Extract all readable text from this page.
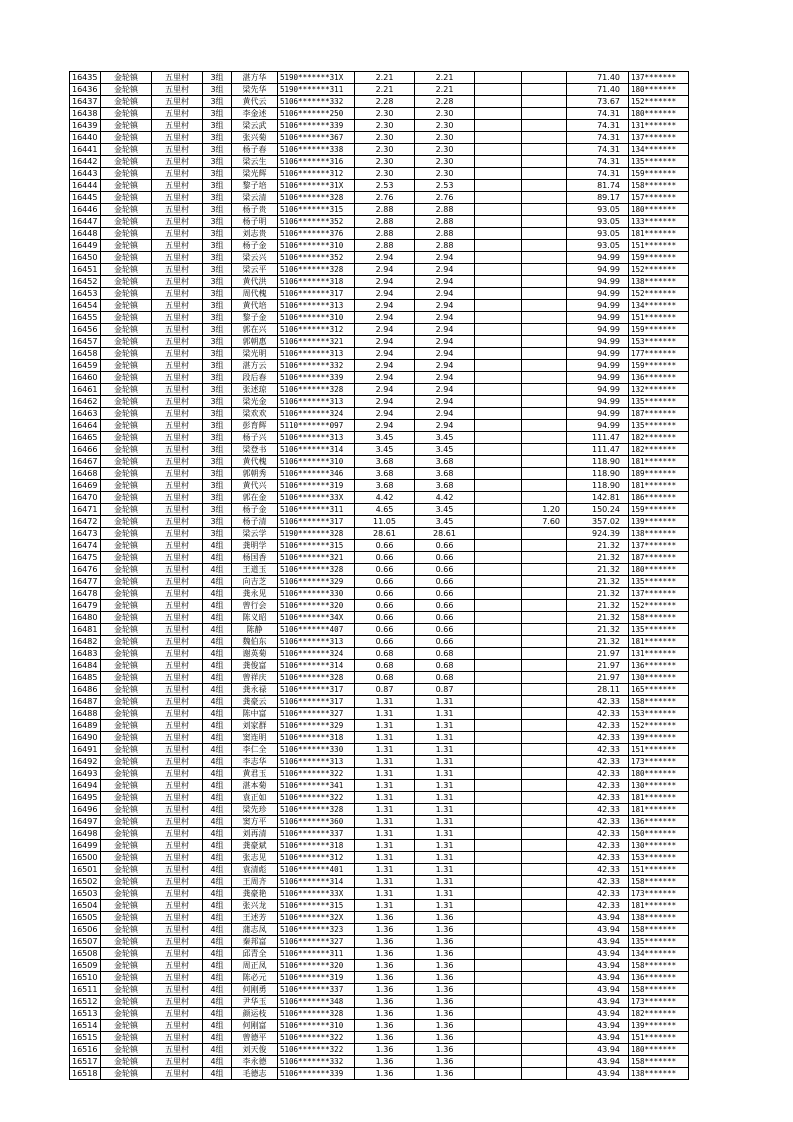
16435	金轮镇	五里村	3组	湛方华	5190*******31X	2.21	2.21			71.40	137*******
16436	金轮镇	五里村	3组	梁先华	5190*******311	2.21	2.21			71.40	180*******
16437	金轮镇	五里村	3组	黄代云	5106*******332	2.28	2.28			73.67	152*******
16438	金轮镇	五里村	3组	李金述	5106*******250	2.30	2.30			74.31	180*******
16439	金轮镇	五里村	3组	梁云武	5106*******339	2.30	2.30			74.31	131*******
16440	金轮镇	五里村	3组	张兴菊	5106*******367	2.30	2.30			74.31	137*******
16441	金轮镇	五里村	3组	杨子春	5106*******338	2.30	2.30			74.31	134*******
16442	金轮镇	五里村	3组	梁云生	5106*******316	2.30	2.30			74.31	135*******
16443	金轮镇	五里村	3组	梁光辉	5106*******312	2.30	2.30			74.31	159*******
16444	金轮镇	五里村	3组	黎子培	5106*******31X	2.53	2.53			81.74	158*******
16445	金轮镇	五里村	3组	梁云清	5106*******328	2.76	2.76			89.17	157*******
16446	金轮镇	五里村	3组	杨子贵	5106*******315	2.88	2.88			93.05	180*******
16447	金轮镇	五里村	3组	杨子明	5106*******352	2.88	2.88			93.05	133*******
16448	金轮镇	五里村	3组	刘志贵	5106*******376	2.88	2.88			93.05	181*******
16449	金轮镇	五里村	3组	杨子金	5106*******310	2.88	2.88			93.05	151*******
16450	金轮镇	五里村	3组	梁云兴	5106*******352	2.94	2.94			94.99	159*******
16451	金轮镇	五里村	3组	梁云平	5106*******328	2.94	2.94			94.99	152*******
16452	金轮镇	五里村	3组	黄代洪	5106*******318	2.94	2.94			94.99	138*******
16453	金轮镇	五里村	3组	周代槐	5106*******317	2.94	2.94			94.99	152*******
16454	金轮镇	五里村	3组	黄代培	5106*******313	2.94	2.94			94.99	134*******
16455	金轮镇	五里村	3组	黎子金	5106*******310	2.94	2.94			94.99	151*******
16456	金轮镇	五里村	3组	郭在兴	5106*******312	2.94	2.94			94.99	159*******
16457	金轮镇	五里村	3组	郭朝惠	5106*******321	2.94	2.94			94.99	153*******
16458	金轮镇	五里村	3组	梁光明	5106*******313	2.94	2.94			94.99	177*******
16459	金轮镇	五里村	3组	湛方云	5106*******332	2.94	2.94			94.99	159*******
16460	金轮镇	五里村	3组	段后春	5106*******339	2.94	2.94			94.99	136*******
16461	金轮镇	五里村	3组	张述琼	5106*******328	2.94	2.94			94.99	132*******
16462	金轮镇	五里村	3组	梁光金	5106*******313	2.94	2.94			94.99	135*******
16463	金轮镇	五里村	3组	梁欢欢	5106*******324	2.94	2.94			94.99	187*******
16464	金轮镇	五里村	3组	彭育辉	5110*******097	2.94	2.94			94.99	135*******
16465	金轮镇	五里村	3组	杨子兴	5106*******313	3.45	3.45			111.47	182*******
16466	金轮镇	五里村	3组	梁登书	5106*******314	3.45	3.45			111.47	182*******
16467	金轮镇	五里村	3组	黄代槐	5106*******310	3.68	3.68			118.90	181*******
16468	金轮镇	五里村	3组	郭朝秀	5106*******346	3.68	3.68			118.90	189*******
16469	金轮镇	五里村	3组	黄代兴	5106*******319	3.68	3.68			118.90	181*******
16470	金轮镇	五里村	3组	郭在金	5106*******33X	4.42	4.42			142.81	186*******
16471	金轮镇	五里村	3组	杨子金	5106*******311	4.65	3.45		1.20	150.24	159*******
16472	金轮镇	五里村	3组	杨子清	5106*******317	11.05	3.45		7.60	357.02	139*******
16473	金轮镇	五里村	3组	梁云学	5190*******328	28.61	28.61			924.39	138*******
16474	金轮镇	五里村	4组	龚明学	5106*******315	0.66	0.66			21.32	137*******
16475	金轮镇	五里村	4组	杨国香	5106*******321	0.66	0.66			21.32	187*******
16476	金轮镇	五里村	4组	王道玉	5106*******328	0.66	0.66			21.32	180*******
16477	金轮镇	五里村	4组	向吉芝	5106*******329	0.66	0.66			21.32	135*******
16478	金轮镇	五里村	4组	龚永见	5106*******330	0.66	0.66			21.32	137*******
16479	金轮镇	五里村	4组	曾行会	5106*******320	0.66	0.66			21.32	152*******
16480	金轮镇	五里村	4组	陈义昭	5106*******34X	0.66	0.66			21.32	158*******
16481	金轮镇	五里村	4组	陈静	5106*******407	0.66	0.66			21.32	135*******
16482	金轮镇	五里村	4组	魏伯东	5106*******313	0.66	0.66			21.32	181*******
16483	金轮镇	五里村	4组	谢英菊	5106*******324	0.68	0.68			21.97	131*******
16484	金轮镇	五里村	4组	龚俊富	5106*******314	0.68	0.68			21.97	136*******
16485	金轮镇	五里村	4组	曾祥庆	5106*******328	0.68	0.68			21.97	130*******
16486	金轮镇	五里村	4组	龚永禄	5106*******317	0.87	0.87			28.11	165*******
16487	金轮镇	五里村	4组	龚豪云	5106*******317	1.31	1.31			42.33	158*******
16488	金轮镇	五里村	4组	陈中富	5106*******327	1.31	1.31			42.33	153*******
16489	金轮镇	五里村	4组	刘家群	5106*******329	1.31	1.31			42.33	152*******
16490	金轮镇	五里村	4组	窦连明	5106*******318	1.31	1.31			42.33	139*******
16491	金轮镇	五里村	4组	李仁全	5106*******330	1.31	1.31			42.33	151*******
16492	金轮镇	五里村	4组	李志华	5106*******313	1.31	1.31			42.33	173*******
16493	金轮镇	五里村	4组	黄君玉	5106*******322	1.31	1.31			42.33	180*******
16494	金轮镇	五里村	4组	湛本菊	5106*******341	1.31	1.31			42.33	130*******
16495	金轮镇	五里村	4组	袁正如	5106*******322	1.31	1.31			42.33	181*******
16496	金轮镇	五里村	4组	梁先珍	5106*******328	1.31	1.31			42.33	181*******
16497	金轮镇	五里村	4组	窦方平	5106*******360	1.31	1.31			42.33	136*******
16498	金轮镇	五里村	4组	刘再清	5106*******337	1.31	1.31			42.33	150*******
16499	金轮镇	五里村	4组	龚豪斌	5106*******318	1.31	1.31			42.33	130*******
16500	金轮镇	五里村	4组	张志见	5106*******312	1.31	1.31			42.33	153*******
16501	金轮镇	五里村	4组	袁清彪	5106*******401	1.31	1.31			42.33	151*******
16502	金轮镇	五里村	4组	王周齐	5106*******314	1.31	1.31			42.33	158*******
16503	金轮镇	五里村	4组	龚豪艳	5106*******33X	1.31	1.31			42.33	173*******
16504	金轮镇	五里村	4组	张兴龙	5106*******315	1.31	1.31			42.33	181*******
16505	金轮镇	五里村	4组	王述芳	5106*******32X	1.36	1.36			43.94	138*******
16506	金轮镇	五里村	4组	蒲志凤	5106*******323	1.36	1.36			43.94	158*******
16507	金轮镇	五里村	4组	秦邦富	5106*******327	1.36	1.36			43.94	135*******
16508	金轮镇	五里村	4组	邱青全	5106*******311	1.36	1.36			43.94	134*******
16509	金轮镇	五里村	4组	周正凤	5106*******320	1.36	1.36			43.94	158*******
16510	金轮镇	五里村	4组	陈必元	5106*******319	1.36	1.36			43.94	136*******
16511	金轮镇	五里村	4组	何刚勇	5106*******337	1.36	1.36			43.94	158*******
16512	金轮镇	五里村	4组	尹华玉	5106*******348	1.36	1.36			43.94	173*******
16513	金轮镇	五里村	4组	颜运枝	5106*******328	1.36	1.36			43.94	182*******
16514	金轮镇	五里村	4组	何刚富	5106*******310	1.36	1.36			43.94	139*******
16515	金轮镇	五里村	4组	曾德平	5106*******322	1.36	1.36			43.94	151*******
16516	金轮镇	五里村	4组	刘天俊	5106*******322	1.36	1.36			43.94	180*******
16517	金轮镇	五里村	4组	李永德	5106*******332	1.36	1.36			43.94	158*******
16518	金轮镇	五里村	4组	毛德志	5106*******339	1.36	1.36			43.94	138*******
